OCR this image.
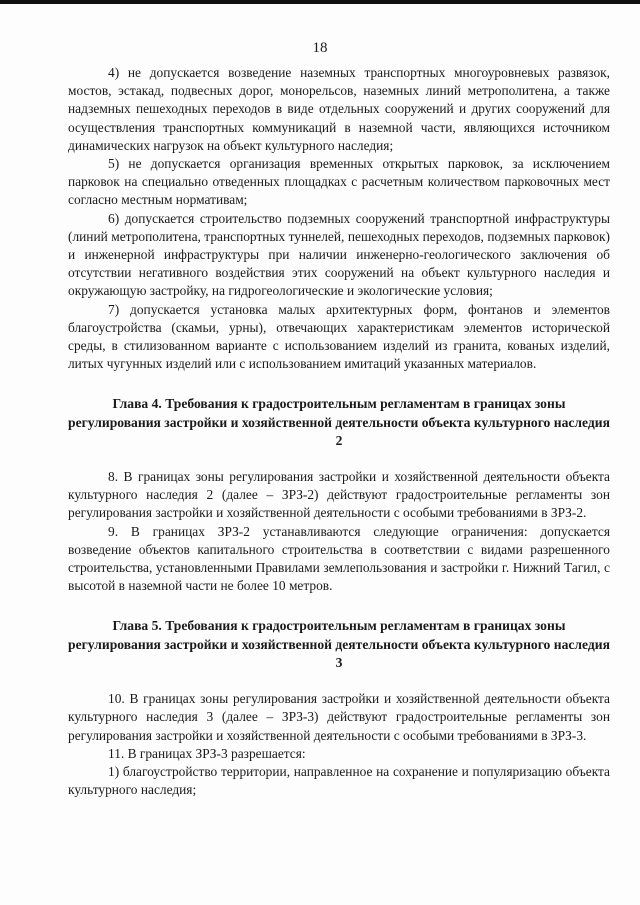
18

4) не допускается возведение наземных транспортных многоуровневых развязок, мостов, эстакад, подвесных дорог, монорельсов, наземных линий метрополитена, а также надземных пешеходных переходов в виде отдельных сооружений и других сооружений для осуществления транспортных коммуникаций в наземной части, являющихся источником динамических нагрузок на объект культурного наследия;

5) не допускается организация временных открытых парковок, за исключением парковок на специально отведенных площадках с расчетным количеством парковочных мест согласно местным нормативам;

6) допускается строительство подземных сооружений транспортной инфраструктуры (линий метрополитена, транспортных туннелей, пешеходных переходов, подземных парковок) и инженерной инфраструктуры при наличии инженерно-геологического заключения об отсутствии негативного воздействия этих сооружений на объект культурного наследия и окружающую застройку, на гидрогеологические и экологические условия;

7) допускается установка малых архитектурных форм, фонтанов и элементов благоустройства (скамьи, урны), отвечающих характеристикам элементов исторической среды, в стилизованном варианте с использованием изделий из гранита, кованых изделий, литых чугунных изделий или с использованием имитаций указанных материалов.

Глава 4. Требования к градостроительным регламентам в границах зоны регулирования застройки и хозяйственной деятельности объекта культурного наследия 2

8. В границах зоны регулирования застройки и хозяйственной деятельности объекта культурного наследия 2 (далее – ЗРЗ-2) действуют градостроительные регламенты зон регулирования застройки и хозяйственной деятельности с особыми требованиями в ЗРЗ-2.

9. В границах ЗРЗ-2 устанавливаются следующие ограничения: допускается возведение объектов капитального строительства в соответствии с видами разрешенного строительства, установленными Правилами землепользования и застройки г. Нижний Тагил, с высотой в наземной части не более 10 метров.

Глава 5. Требования к градостроительным регламентам в границах зоны регулирования застройки и хозяйственной деятельности объекта культурного наследия 3

10. В границах зоны регулирования застройки и хозяйственной деятельности объекта культурного наследия 3 (далее – ЗРЗ-3) действуют градостроительные регламенты зон регулирования застройки и хозяйственной деятельности с особыми требованиями в ЗРЗ-3.

11. В границах ЗРЗ-3 разрешается:

1) благоустройство территории, направленное на сохранение и популяризацию объекта культурного наследия;
